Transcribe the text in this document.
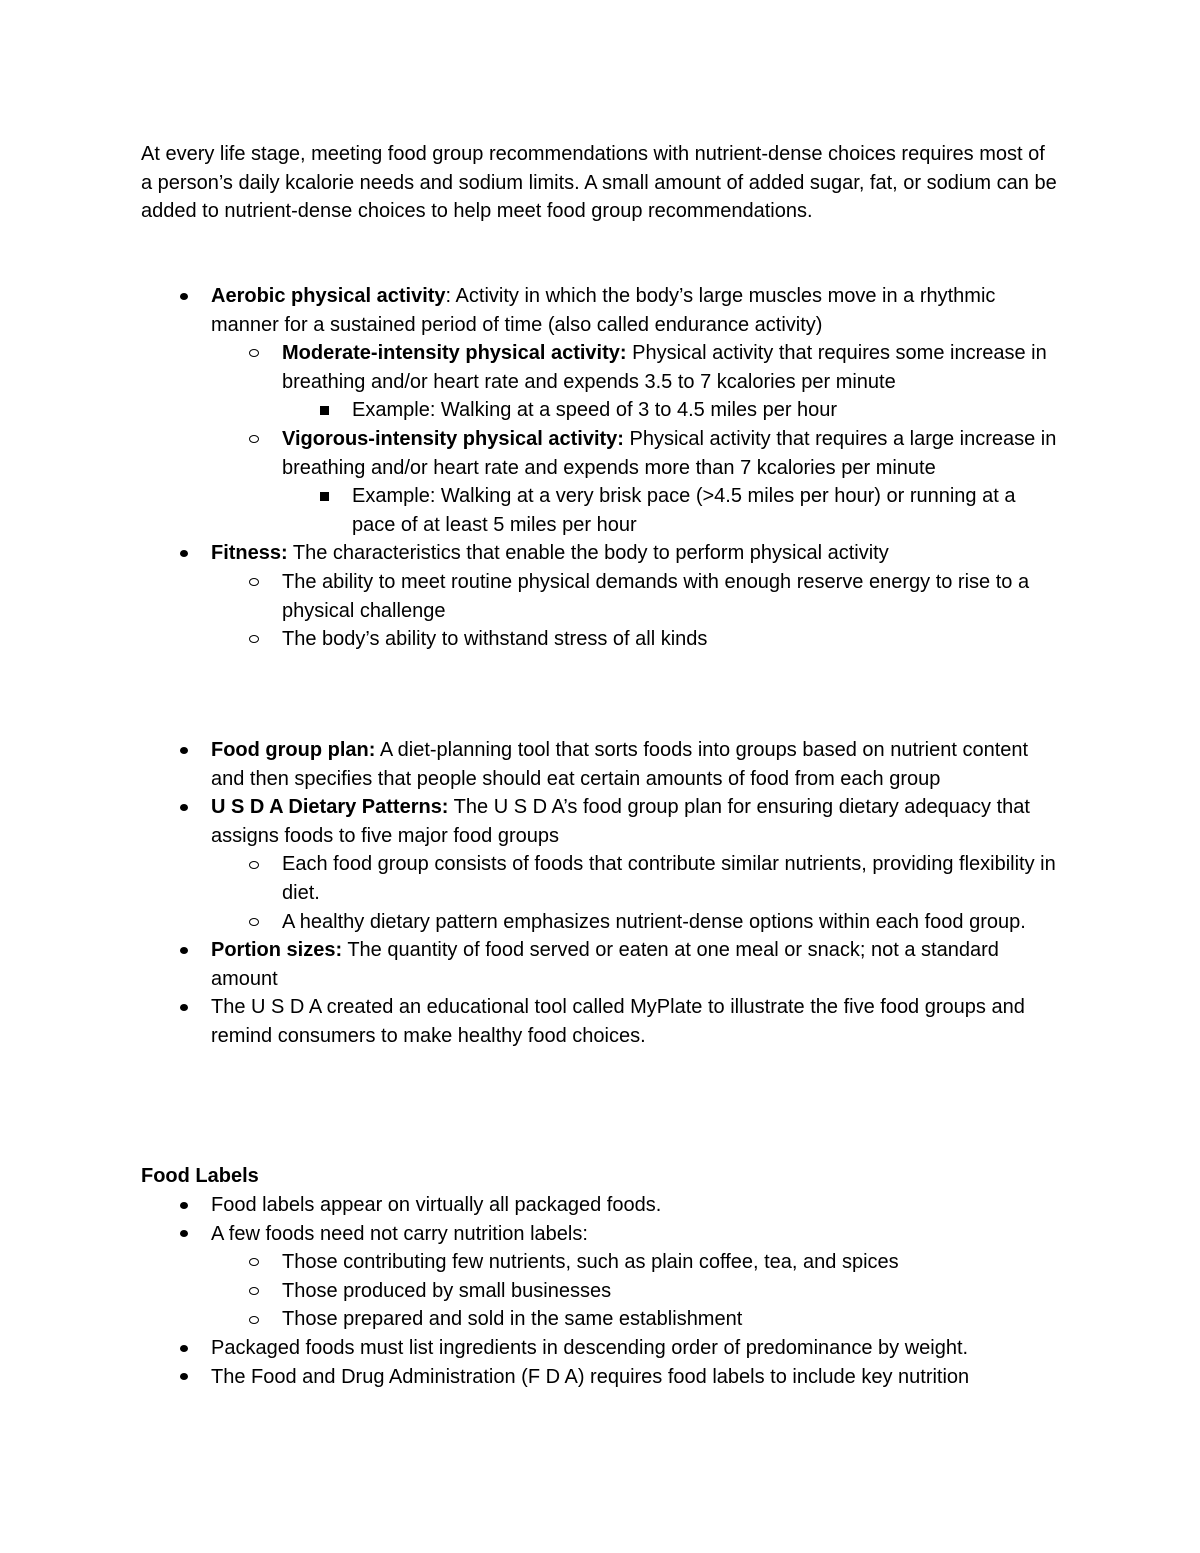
At every life stage, meeting food group recommendations with nutrient-dense choices requires most of a person’s daily kcalorie needs and sodium limits. A small amount of added sugar, fat, or sodium can be added to nutrient-dense choices to help meet food group recommendations.

Aerobic physical activity: Activity in which the body’s large muscles move in a rhythmic manner for a sustained period of time (also called endurance activity)
Moderate-intensity physical activity: Physical activity that requires some increase in breathing and/or heart rate and expends 3.5 to 7 kcalories per minute
Example: Walking at a speed of 3 to 4.5 miles per hour
Vigorous-intensity physical activity: Physical activity that requires a large increase in breathing and/or heart rate and expends more than 7 kcalories per minute
Example: Walking at a very brisk pace (>4.5 miles per hour) or running at a pace of at least 5 miles per hour
Fitness: The characteristics that enable the body to perform physical activity
The ability to meet routine physical demands with enough reserve energy to rise to a physical challenge
The body’s ability to withstand stress of all kinds
Food group plan: A diet-planning tool that sorts foods into groups based on nutrient content and then specifies that people should eat certain amounts of food from each group
U S D A Dietary Patterns: The U S D A’s food group plan for ensuring dietary adequacy that assigns foods to five major food groups
Each food group consists of foods that contribute similar nutrients, providing flexibility in diet.
A healthy dietary pattern emphasizes nutrient-dense options within each food group.
Portion sizes: The quantity of food served or eaten at one meal or snack; not a standard amount
The U S D A created an educational tool called MyPlate to illustrate the five food groups and remind consumers to make healthy food choices.

Food Labels

Food labels appear on virtually all packaged foods.
A few foods need not carry nutrition labels:
Those contributing few nutrients, such as plain coffee, tea, and spices
Those produced by small businesses
Those prepared and sold in the same establishment
Packaged foods must list ingredients in descending order of predominance by weight.
The Food and Drug Administration (F D A) requires food labels to include key nutrition
